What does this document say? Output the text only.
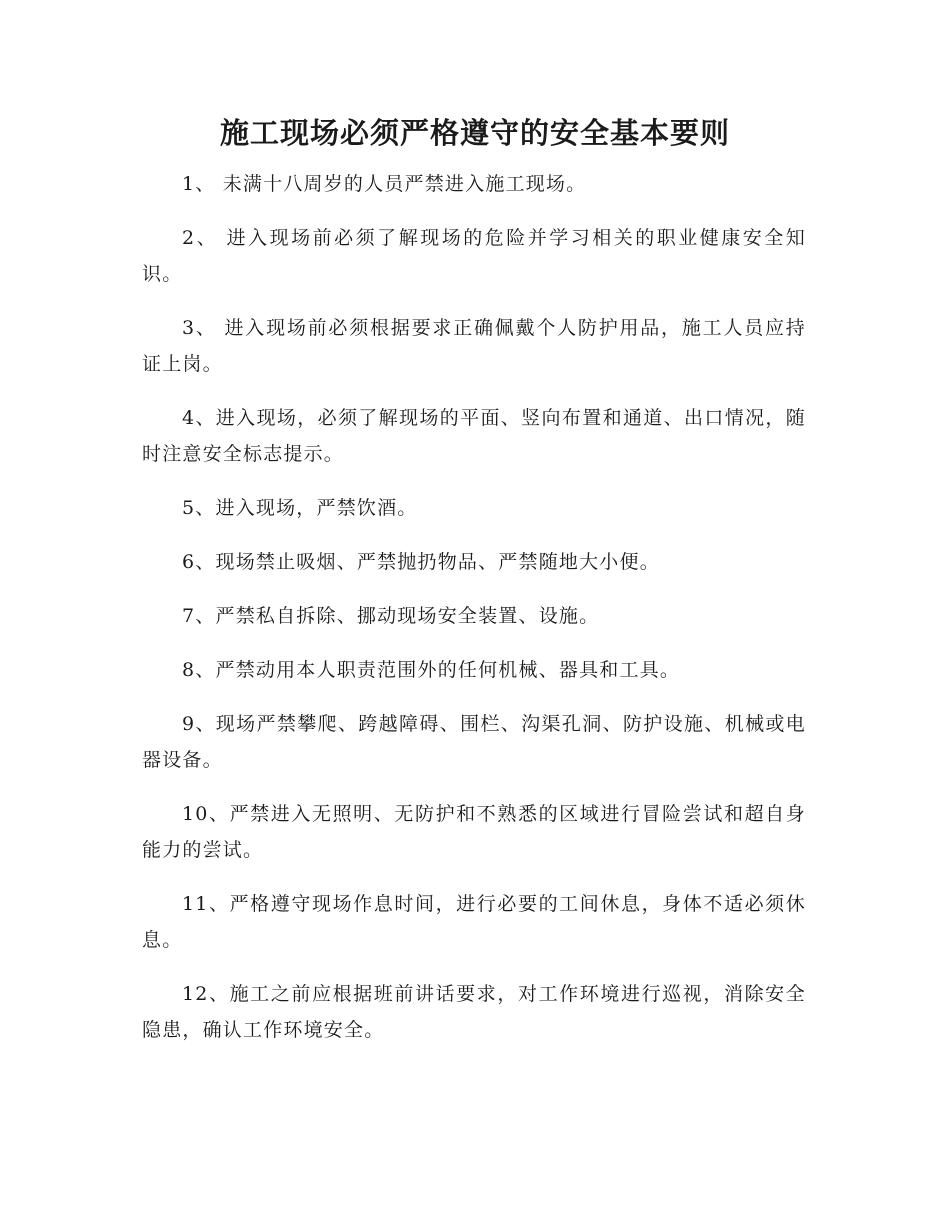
施工现场必须严格遵守的安全基本要则
1、 未满十八周岁的人员严禁进入施工现场。
2、 进入现场前必须了解现场的危险并学习相关的职业健康安全知识。
3、 进入现场前必须根据要求正确佩戴个人防护用品，施工人员应持证上岗。
4、进入现场，必须了解现场的平面、竖向布置和通道、出口情况，随时注意安全标志提示。
5、进入现场，严禁饮酒。
6、现场禁止吸烟、严禁抛扔物品、严禁随地大小便。
7、严禁私自拆除、挪动现场安全装置、设施。
8、严禁动用本人职责范围外的任何机械、器具和工具。
9、现场严禁攀爬、跨越障碍、围栏、沟渠孔洞、防护设施、机械或电器设备。
10、严禁进入无照明、无防护和不熟悉的区域进行冒险尝试和超自身能力的尝试。
11、严格遵守现场作息时间，进行必要的工间休息，身体不适必须休息。
12、施工之前应根据班前讲话要求，对工作环境进行巡视，消除安全隐患，确认工作环境安全。
